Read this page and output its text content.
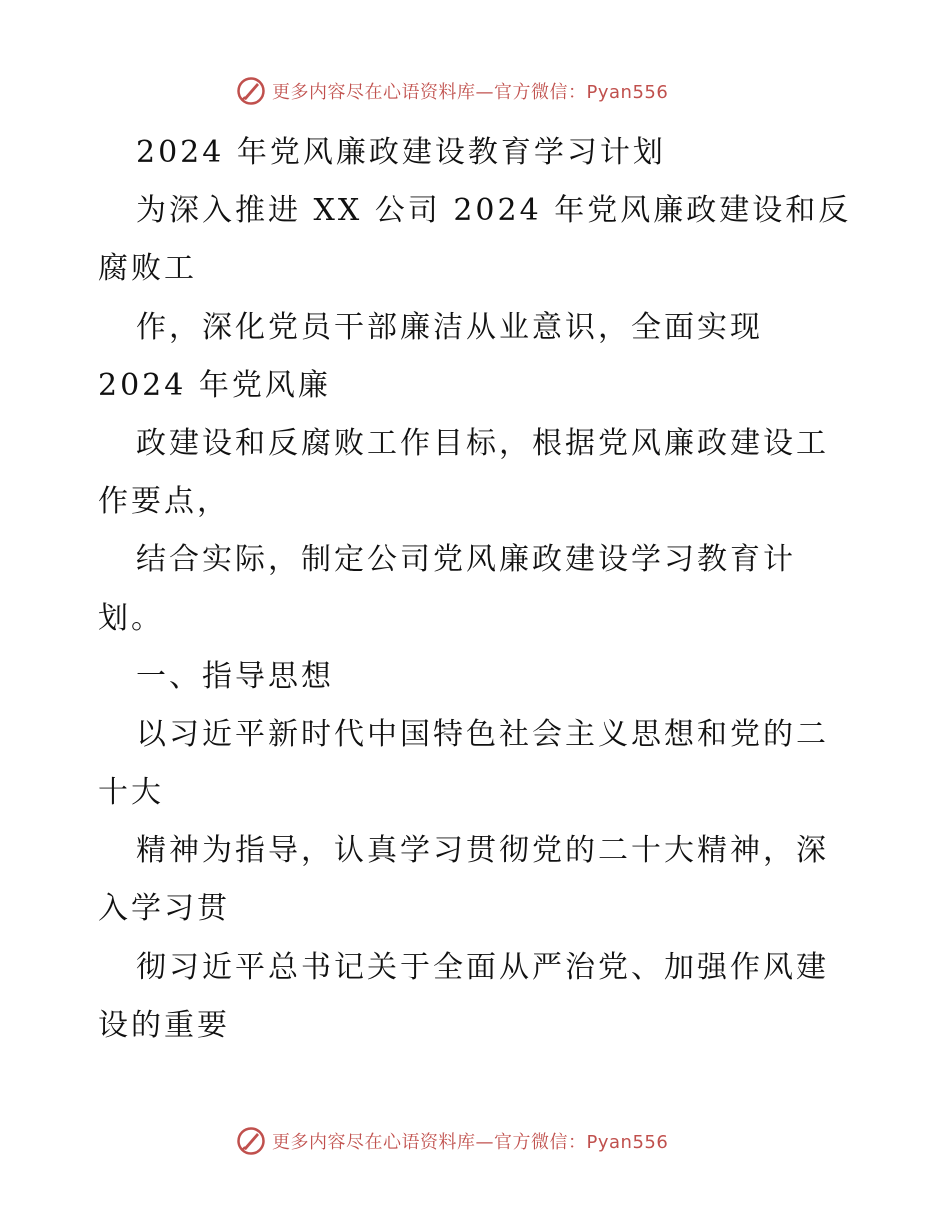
更多内容尽在心语资料库—官方微信：Pyan556
2024 年党风廉政建设教育学习计划
为深入推进 XX 公司 2024 年党风廉政建设和反
腐败工
作，深化党员干部廉洁从业意识，全面实现
2024 年党风廉
政建设和反腐败工作目标，根据党风廉政建设工
作要点，
结合实际，制定公司党风廉政建设学习教育计
划。
一、指导思想
以习近平新时代中国特色社会主义思想和党的二
十大
精神为指导，认真学习贯彻党的二十大精神，深
入学习贯
彻习近平总书记关于全面从严治党、加强作风建
设的重要
更多内容尽在心语资料库—官方微信：Pyan556
